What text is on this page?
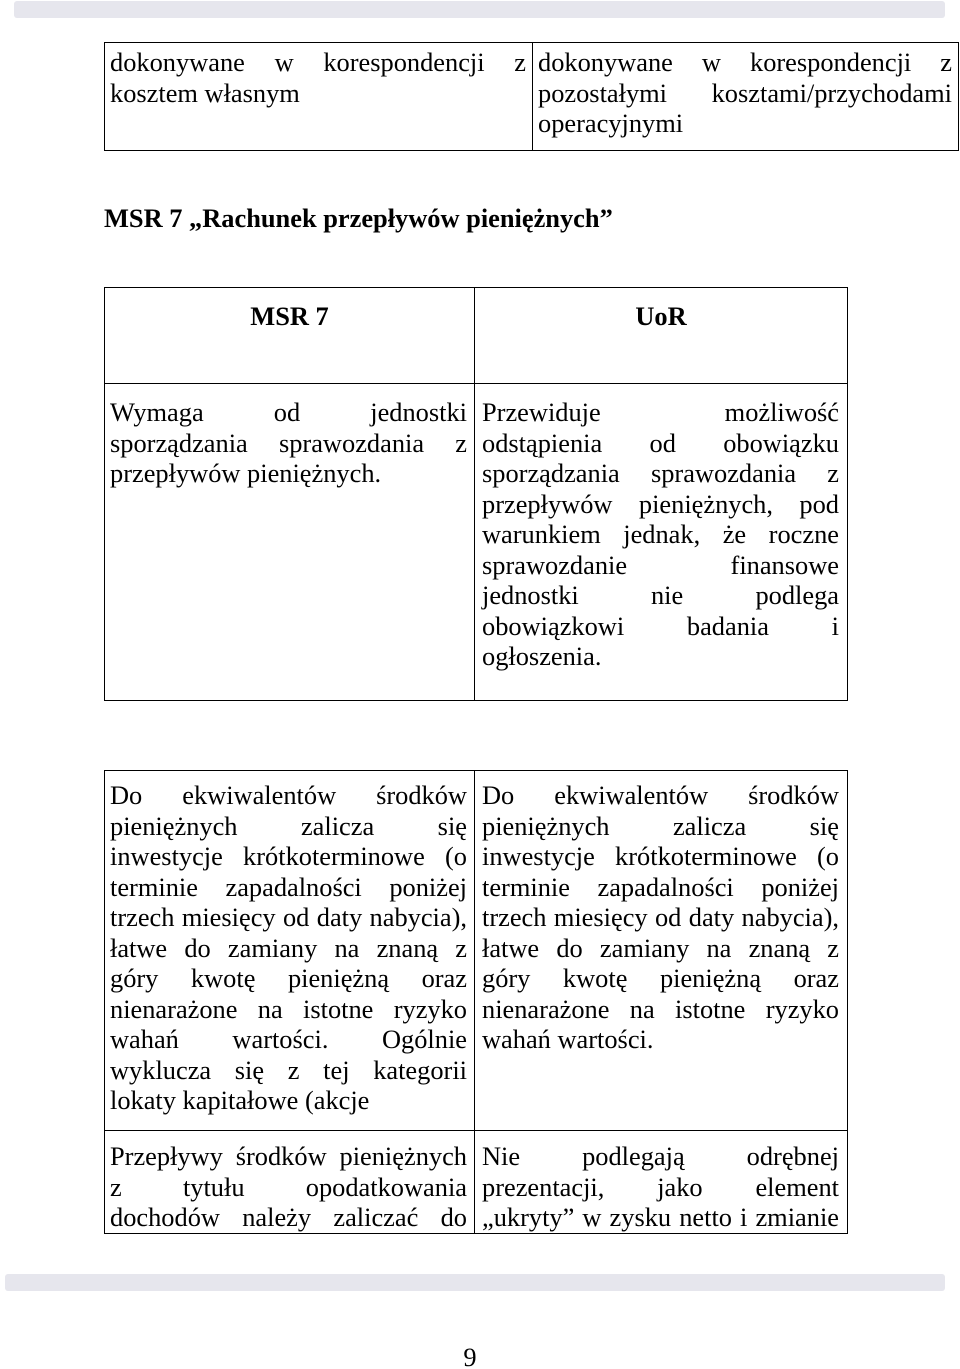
dokonywane w korespondencji z kosztem własnym
dokonywane w korespondencji z pozostałymi kosztami/przychodami operacyjnymi
MSR 7 „Rachunek przepływów pieniężnych”
MSR 7	UoR
Wymaga od jednostki sporządzania sprawozdania z przepływów pieniężnych.
Przewiduje możliwość odstąpienia od obowiązku sporządzania sprawozdania z przepływów pieniężnych, pod warunkiem jednak, że roczne sprawozdanie finansowe jednostki nie podlega obowiązkowi badania i ogłoszenia.
Do ekwiwalentów środków pieniężnych zalicza się inwestycje krótkoterminowe (o terminie zapadalności poniżej trzech miesięcy od daty nabycia), łatwe do zamiany na znaną z góry kwotę pieniężną oraz nienarażone na istotne ryzyko wahań wartości. Ogólnie wyklucza się z tej kategorii lokaty kapitałowe (akcje
Do ekwiwalentów środków pieniężnych zalicza się inwestycje krótkoterminowe (o terminie zapadalności poniżej trzech miesięcy od daty nabycia), łatwe do zamiany na znaną z góry kwotę pieniężną oraz nienarażone na istotne ryzyko wahań wartości.
Przepływy środków pieniężnych z tytułu opodatkowania dochodów należy zaliczać do
Nie podlegają odrębnej prezentacji, jako element „ukryty” w zysku netto i zmianie
9
